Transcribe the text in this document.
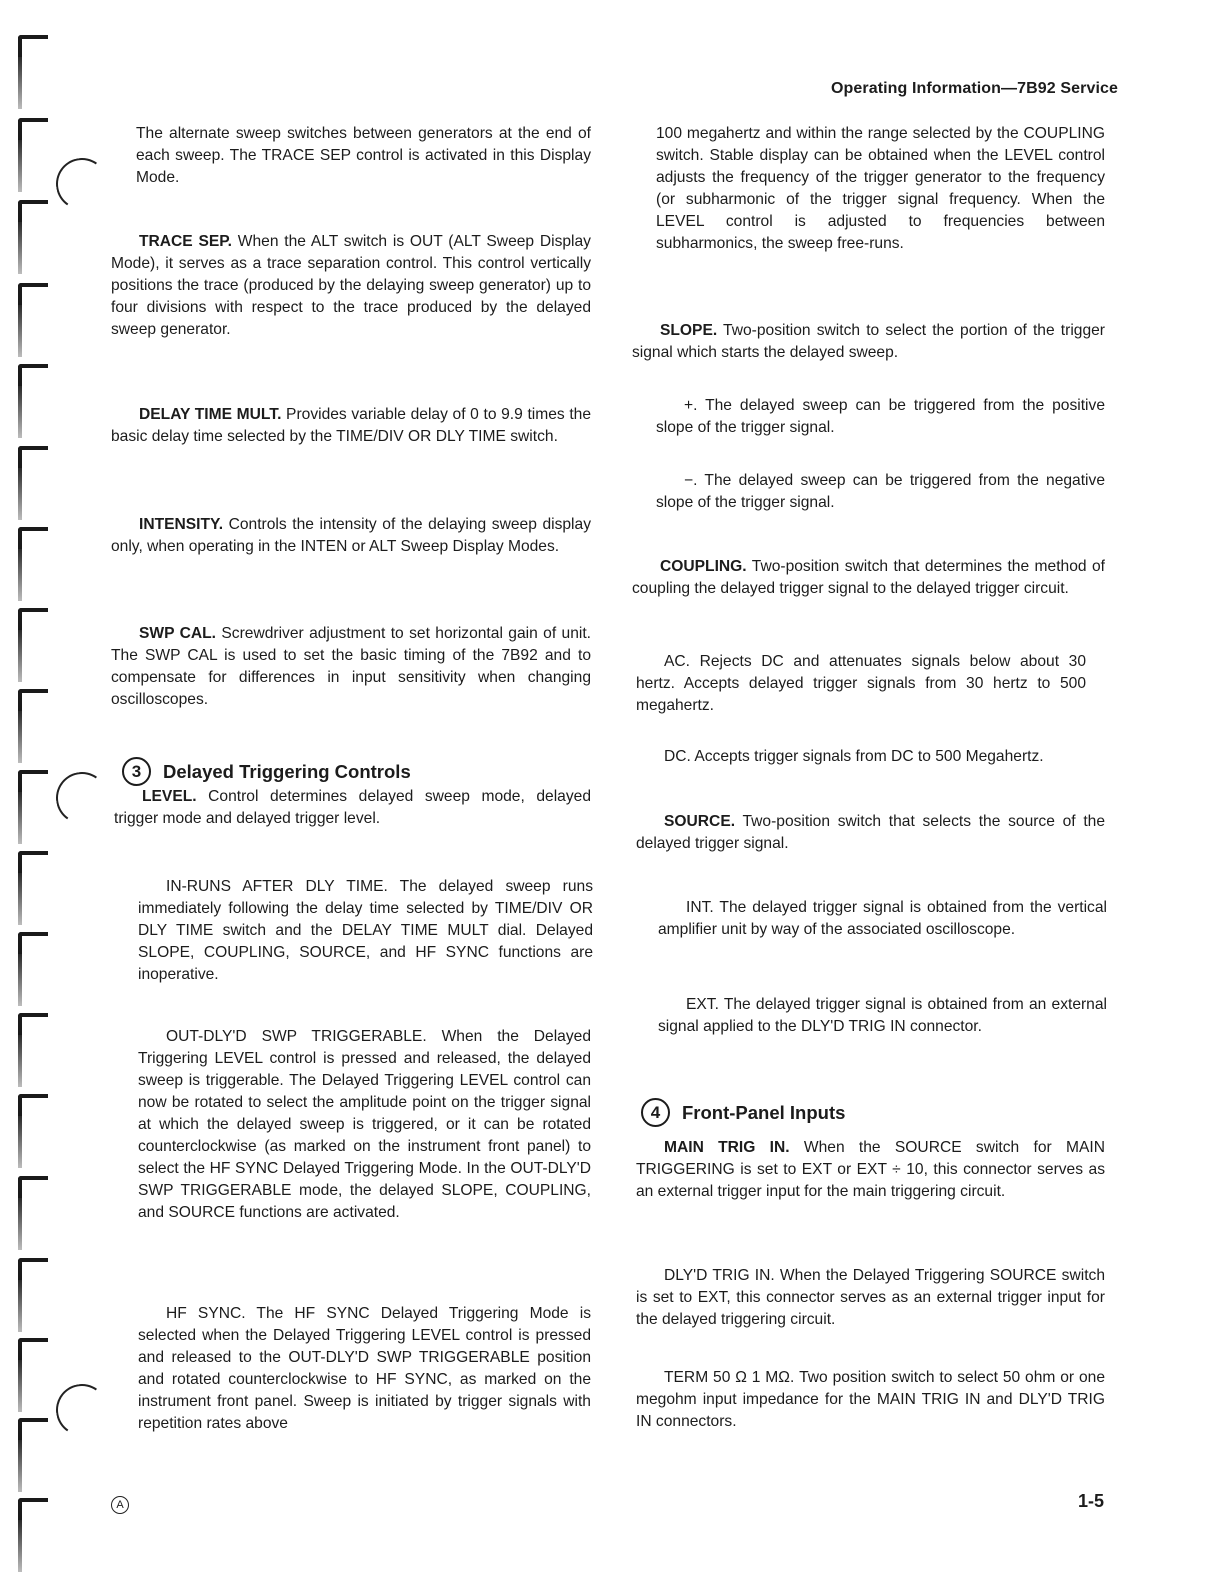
Operating Information—7B92 Service

The alternate sweep switches between generators at the end of each sweep. The TRACE SEP control is activated in this Display Mode.

TRACE SEP. When the ALT switch is OUT (ALT Sweep Display Mode), it serves as a trace separation control. This control vertically positions the trace (produced by the delaying sweep generator) up to four divisions with respect to the trace produced by the delayed sweep generator.

DELAY TIME MULT. Provides variable delay of 0 to 9.9 times the basic delay time selected by the TIME/DIV OR DLY TIME switch.

INTENSITY. Controls the intensity of the delaying sweep display only, when operating in the INTEN or ALT Sweep Display Modes.

SWP CAL. Screwdriver adjustment to set horizontal gain of unit. The SWP CAL is used to set the basic timing of the 7B92 and to compensate for differences in input sensitivity when changing oscilloscopes.

3	Delayed Triggering Controls

LEVEL. Control determines delayed sweep mode, delayed trigger mode and delayed trigger level.

IN-RUNS AFTER DLY TIME. The delayed sweep runs immediately following the delay time selected by TIME/DIV OR DLY TIME switch and the DELAY TIME MULT dial. Delayed SLOPE, COUPLING, SOURCE, and HF SYNC functions are inoperative.

OUT-DLY'D SWP TRIGGERABLE. When the Delayed Triggering LEVEL control is pressed and released, the delayed sweep is triggerable. The Delayed Triggering LEVEL control can now be rotated to select the amplitude point on the trigger signal at which the delayed sweep is triggered, or it can be rotated counterclockwise (as marked on the instrument front panel) to select the HF SYNC Delayed Triggering Mode. In the OUT-DLY'D SWP TRIGGERABLE mode, the delayed SLOPE, COUPLING, and SOURCE functions are activated.

HF SYNC. The HF SYNC Delayed Triggering Mode is selected when the Delayed Triggering LEVEL control is pressed and released to the OUT-DLY'D SWP TRIGGERABLE position and rotated counterclockwise to HF SYNC, as marked on the instrument front panel. Sweep is initiated by trigger signals with repetition rates above

100 megahertz and within the range selected by the COUPLING switch. Stable display can be obtained when the LEVEL control adjusts the frequency of the trigger generator to the frequency (or subharmonic of the trigger signal frequency. When the LEVEL control is adjusted to frequencies between subharmonics, the sweep free-runs.

SLOPE. Two-position switch to select the portion of the trigger signal which starts the delayed sweep.

+. The delayed sweep can be triggered from the positive slope of the trigger signal.

−. The delayed sweep can be triggered from the negative slope of the trigger signal.

COUPLING. Two-position switch that determines the method of coupling the delayed trigger signal to the delayed trigger circuit.

AC. Rejects DC and attenuates signals below about 30 hertz. Accepts delayed trigger signals from 30 hertz to 500 megahertz.

DC. Accepts trigger signals from DC to 500 Megahertz.

SOURCE. Two-position switch that selects the source of the delayed trigger signal.

INT. The delayed trigger signal is obtained from the vertical amplifier unit by way of the associated oscilloscope.

EXT. The delayed trigger signal is obtained from an external signal applied to the DLY'D TRIG IN connector.

4	Front-Panel Inputs

MAIN TRIG IN. When the SOURCE switch for MAIN TRIGGERING is set to EXT or EXT ÷ 10, this connector serves as an external trigger input for the main triggering circuit.

DLY'D TRIG IN. When the Delayed Triggering SOURCE switch is set to EXT, this connector serves as an external trigger input for the delayed triggering circuit.

TERM 50 Ω 1 MΩ. Two position switch to select 50 ohm or one megohm input impedance for the MAIN TRIG IN and DLY'D TRIG IN connectors.

A	1-5
